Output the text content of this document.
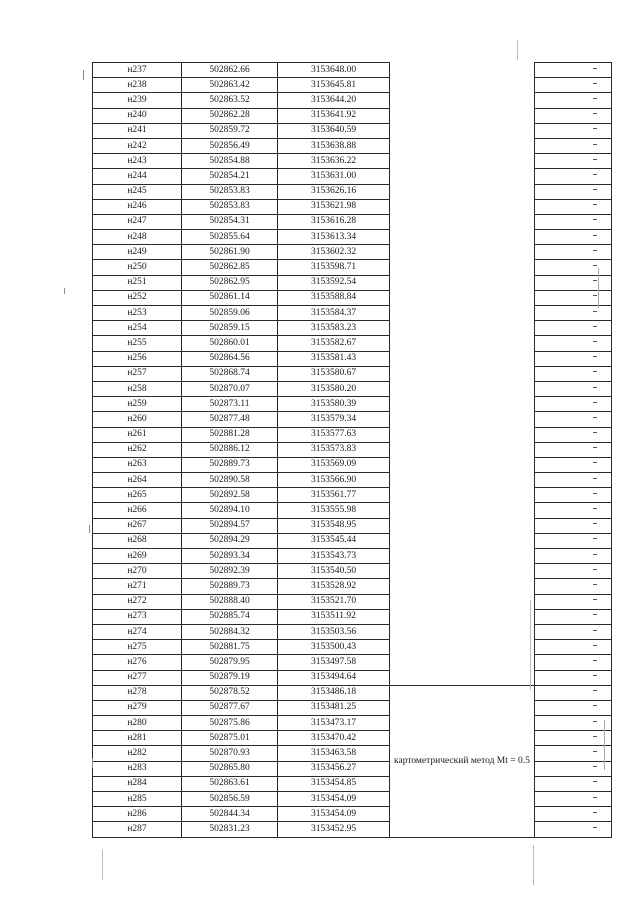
н237	502862.66	3153648.00		
н238	502863.42	3153645.81		
н239	502863.52	3153644.20		
н240	502862.28	3153641.92		
н241	502859.72	3153640.59		
н242	502856.49	3153638.88		
н243	502854.88	3153636.22		
н244	502854.21	3153631.00		
н245	502853.83	3153626.16		
н246	502853.83	3153621.98		
н247	502854.31	3153616.28		
н248	502855.64	3153613.34		
н249	502861.90	3153602.32		
н250	502862.85	3153598.71		
н251	502862.95	3153592.54		
н252	502861.14	3153588.84		
н253	502859.06	3153584.37		
н254	502859.15	3153583.23		
н255	502860.01	3153582.67		
н256	502864.56	3153581.43		
н257	502868.74	3153580.67		
н258	502870.07	3153580.20		
н259	502873.11	3153580.39		
н260	502877.48	3153579.34		
н261	502881.28	3153577.63		
н262	502886.12	3153573.83		
н263	502889.73	3153569.09		
н264	502890.58	3153566.90		
н265	502892.58	3153561.77		
н266	502894.10	3153555.98		
н267	502894.57	3153548.95		
н268	502894.29	3153545.44		
н269	502893.34	3153543.73		
н270	502892.39	3153540.50		
н271	502889.73	3153528.92		
н272	502888.40	3153521.70		
н273	502885.74	3153511.92		
н274	502884.32	3153503.56		
н275	502881.75	3153500.43		
н276	502879.95	3153497.58		
н277	502879.19	3153494.64		
н278	502878.52	3153486.18	картометрический метод Mt = 0.5	

н279	502877.67	3153481.25		
н280	502875.86	3153473.17		
н281	502875.01	3153470.42		
н282	502870.93	3153463.58		
н283	502865.80	3153456.27		
н284	502863.61	3153454.85		
н285	502856.59	3153454.09		
н286	502844.34	3153454.09		
н287	502831.23	3153452.95		
